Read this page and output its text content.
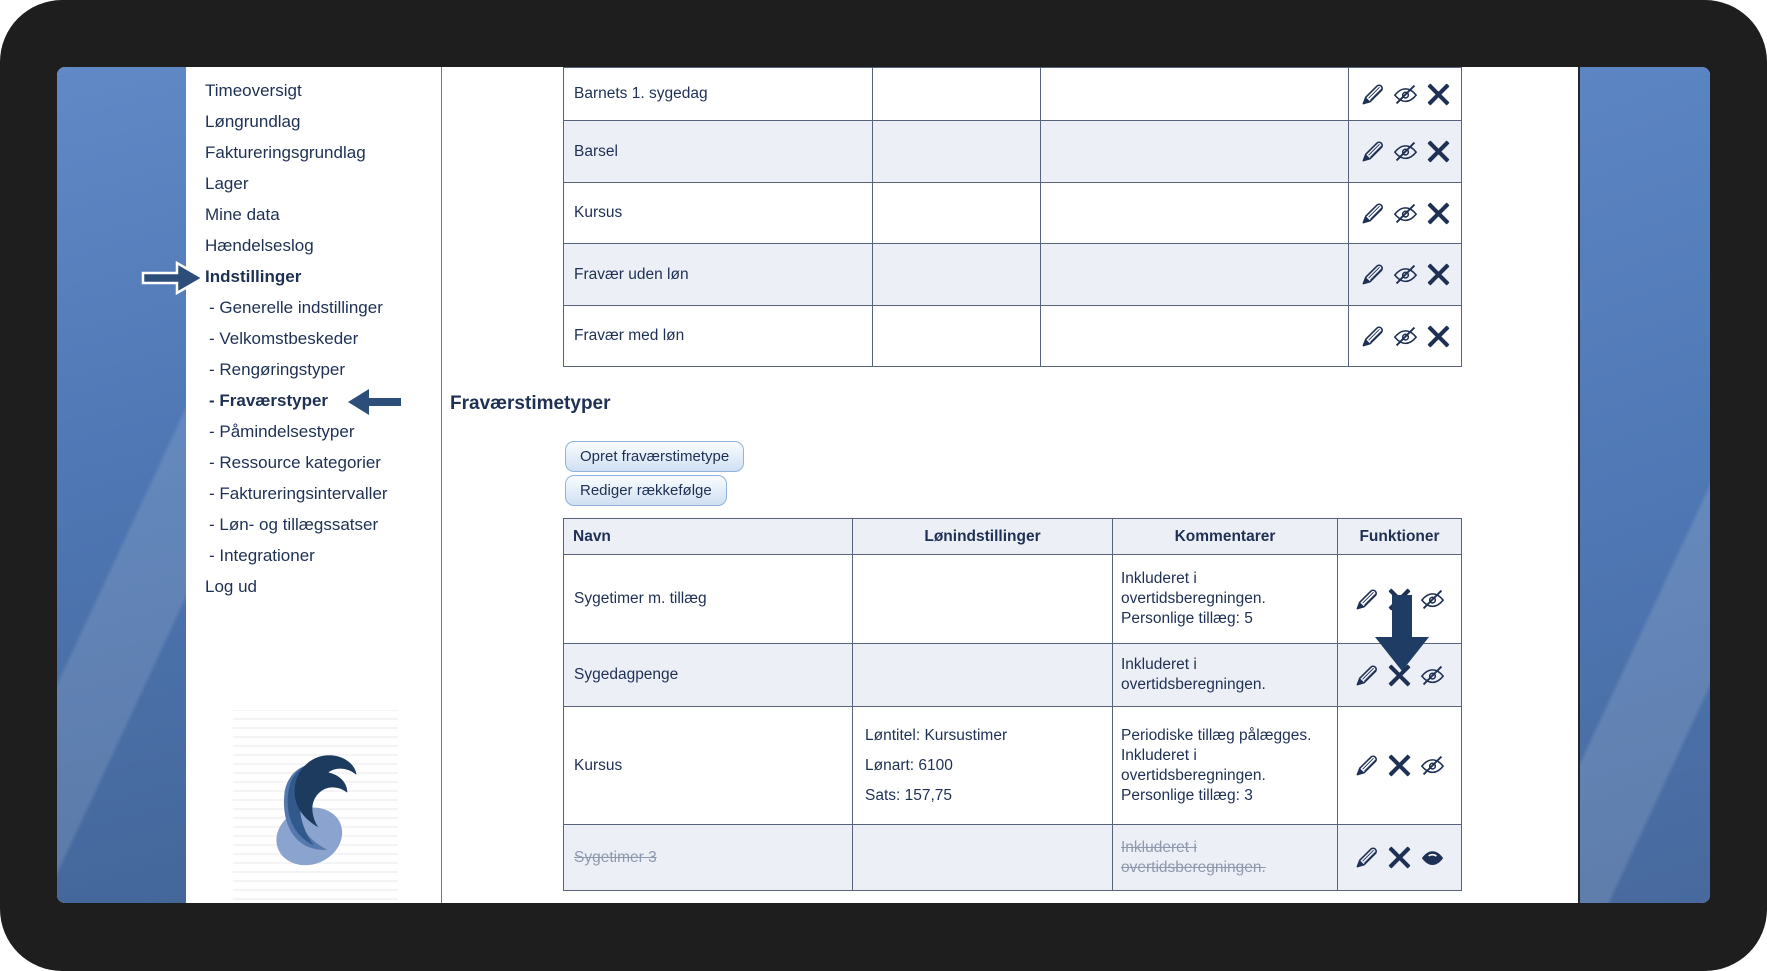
Timeoversigt
Løngrundlag
Faktureringsgrundlag
Lager
Mine data
Hændelseslog
Indstillinger
- Generelle indstillinger
- Velkomstbeskeder
- Rengøringstyper
- Fraværstyper
- Påmindelsestyper
- Ressource kategorier
- Faktureringsintervaller
- Løn- og tillægssatser
- Integrationer
Log ud
Barnets 1. sygedag			

Barsel			

Kursus			

Fravær uden løn			

Fravær med løn			
Fraværstimetyper
Opret fraværstimetype
Rediger rækkefølge
Navn	Lønindstillinger	Kommentarer	Funktioner
Sygetimer m. tillæg		Inkluderet i overtidsberegningen. Personlige tillæg: 5	

Sygedagpenge		Inkluderet i overtidsberegningen.	

Kursus	Løntitel: Kursustimer
Lønart: 6100
Sats: 157,75	Periodiske tillæg pålægges. Inkluderet i overtidsberegningen. Personlige tillæg: 3	

Sygetimer 3		Inkluderet i overtidsberegningen.	
